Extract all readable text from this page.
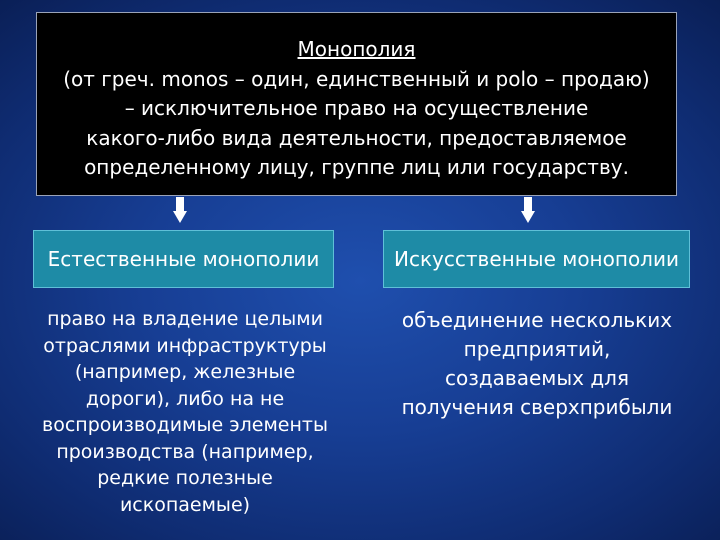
Монополия
(от греч. monos – один, единственный и polo – продаю)
– исключительное право на осуществление
какого-либо вида деятельности, предоставляемое
определенному лицу, группе лиц или государству.
Естественные монополии	Искусственные монополии
право на владение целыми
отраслями инфраструктуры
(например, железные
дороги), либо на не
воспроизводимые элементы
производства (например,
редкие полезные
ископаемые)
объединение нескольких
предприятий,
создаваемых для
получения сверхприбыли
